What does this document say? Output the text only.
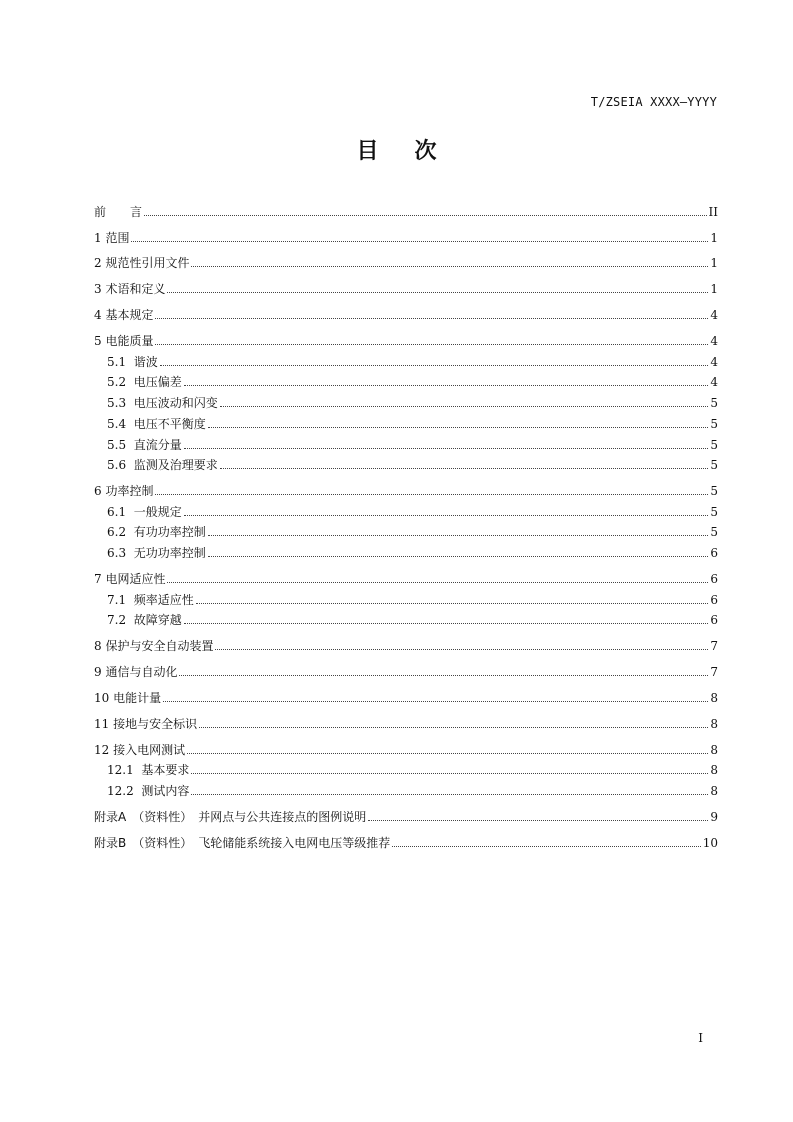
T/ZSEIA XXXX—YYYY
目次
前　　言	II
1 范围	1
2 规范性引用文件	1
3 术语和定义	1
4 基本规定	4
5 电能质量	4
5.1  谐波	4
5.2  电压偏差	4
5.3  电压波动和闪变	5
5.4  电压不平衡度	5
5.5  直流分量	5
5.6  监测及治理要求	5
6 功率控制	5
6.1  一般规定	5
6.2  有功功率控制	5
6.3  无功功率控制	6
7 电网适应性	6
7.1  频率适应性	6
7.2  故障穿越	6
8 保护与安全自动装置	7
9 通信与自动化	7
10 电能计量	8
11 接地与安全标识	8
12 接入电网测试	8
12.1  基本要求	8
12.2  测试内容	8
附录A　（资料性）　并网点与公共连接点的图例说明	9
附录B　（资料性）　飞轮储能系统接入电网电压等级推荐	10
I
